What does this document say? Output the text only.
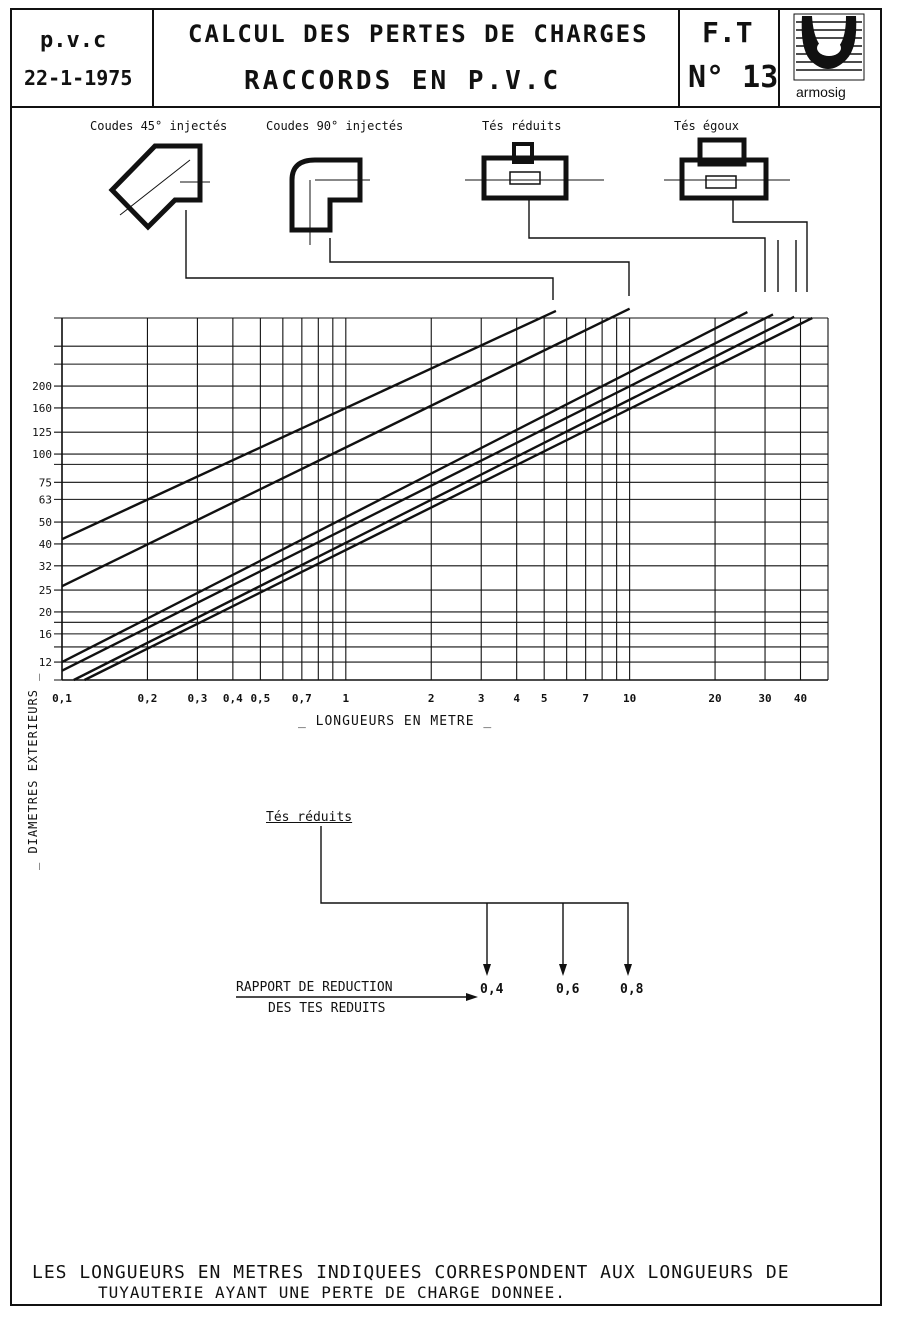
p.v.c
22-1-1975
CALCUL DES PERTES DE CHARGES
RACCORDS EN P.V.C
F.T
N° 13 armosig
Coudes 45° injectés	Coudes 90° injectés	Tés réduits	Tés égoux
0,1	0,2	0,3 0,4 0,5 0,7	1	2	3	4 5	7	10	20	30 40
12
16
20
25
32
40
50
63
75
100
125
160
200
_ LONGUEURS EN METRE _
_ DIAMETRES EXTERIEURS _	Tés réduits
RAPPORT DE REDUCTION
DES TES REDUITS
0,4	0,6	0,8
LES LONGUEURS EN METRES INDIQUEES CORRESPONDENT AUX LONGUEURS DE
TUYAUTERIE AYANT UNE PERTE DE CHARGE DONNEE.
